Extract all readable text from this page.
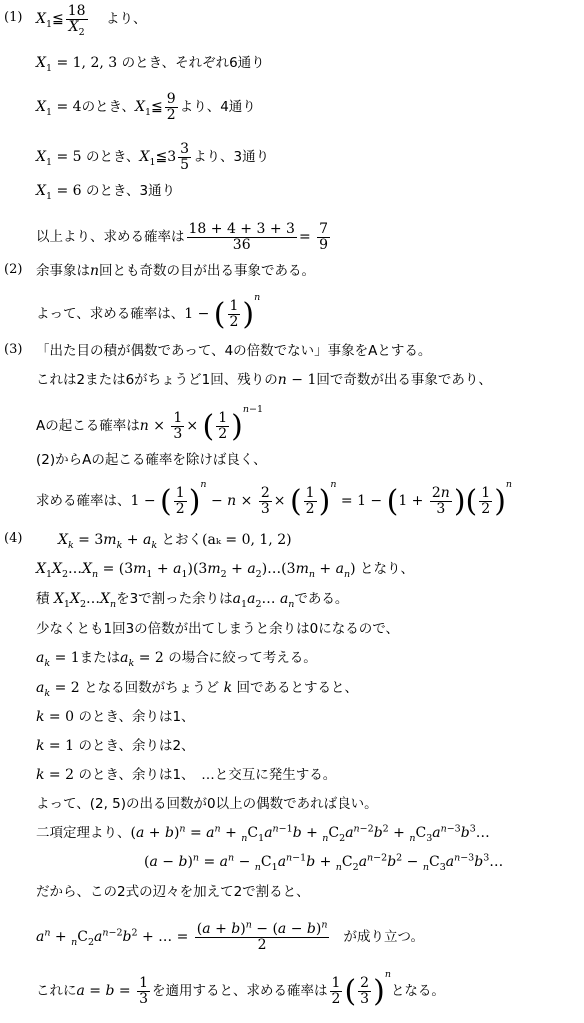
(1) $X_1≦ \frac{18}{X_2}$ より、
$X_1 = 1$, 2, 3 のとき、それぞれ6通り
$X_1 = 4$のとき、$X_1≦ \frac{9}{2}$ より、4通り
$X_1 = 5$ のとき、$X_1≦3 \frac{3}{5}$ より、3通り
$X_1 = 6$ のとき、3通り
以上より、求める確率は $\frac{18 + 4 + 3 + 3}{36} = \frac{7}{9}$
(2) 余事象はn回とも奇数の目が出る事象である。
よって、求める確率は、1 − ( $\frac{1}{2} )^n$
(3) 「出た目の積が偶数であって、4の倍数でない」事象をAとする。
これは2または6がちょうど1回、残りのn − 1回で奇数が出る事象であり、
Aの起こる確率は$n \times \frac{1}{3}$ × ( $\frac{1}{2} )^{n-1}$
(2)からAの起こる確率を除けば良く、
求める確率は、1 − ( $\frac{1}{2} )^n - n \times \frac{2}{3}$ × ( $\frac{1}{2} )^n = 1 - (1 + \frac{2n}{3}$ )( $\frac{1}{2} )^n$
(4)	$X_k = 3m_k + a_k$ とおく(aₖ = 0, 1, 2)
$X_1X_2\dots X_n = (3m_1 + a_1)(3m_2$ + $a_2)\dots(3m_n + a_n)$ となり、
積 $X_1X_2\dots X_n$を3で割った余りは$a_1a_2\dots$ $a_n$である。
少なくとも1回3の倍数が出てしまうと余りは0になるので、
$a_k = 1$または$a_k = 2$ の場合に絞って考える。
$a_k = 2$ となる回数がちょうど k 回であるとすると、
k = 0 のとき、余りは1、
k = 1 のとき、余りは2、
k = 2 のとき、余りは1、　…と交互に発生する。
よって、(2, 5)の出る回数が0以上の偶数であれば良い。
二項定理より、$(a + b)^n = a^n + _nC_1a^{n-1}b + _nC_2a^{n-2}b^2$ + $_nC_3a^{n-3}b^3\dots$
$(a - b)^n = a^n - _nC_1a^{n-1}b + _nC_2a^{n-2}b^2$ − $_nC_3a^{n-3}b^3\dots$
だから、この2式の辺々を加えて2で割ると、
$a^n + _nC_2a^{n-2}b^2$ + … = $\frac{(a + b)^n - (a - b)^n}{2}$ が成り立つ。
これに$a = b = \frac{1}{3}$ を適用すると、求める確率は $\frac{1}{2}$ ( $\frac{2}{3} )^n$となる。
